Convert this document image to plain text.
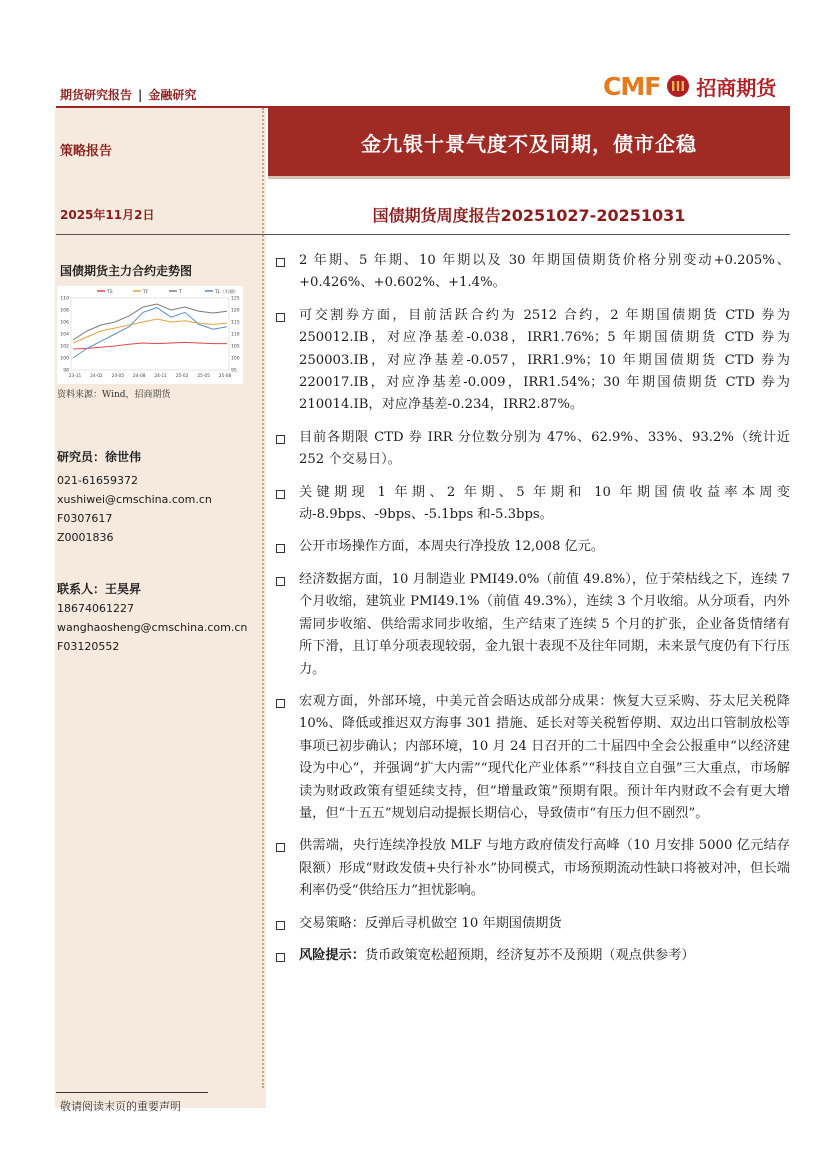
期货研究报告 | 金融研究	CMF 招商期货
策略报告	金九银十景气度不及同期，债市企稳
2025年11月2日	国债期货周度报告20251027-20251031
国债期货主力合约走势图
TS	TF	T	TL（右轴）
110
108
106
104
102
100
98
125
120
115
110
105
100
95
23-11 24-02 24-05 24-08 24-11 25-02 25-05 25-08
资料来源：Wind，招商期货
研究员：徐世伟
021-61659372
xushiwei@cmschina.com.cn
F0307617
Z0001836
联系人：王昊昇
18674061227
wanghaosheng@cmschina.com.cn
F03120552
2 年期、5 年期、10 年期以及 30 年期国债期货价格分别变动+0.205%、+0.426%、+0.602%、+1.4%。
可交割券方面，目前活跃合约为 2512 合约，2 年期国债期货 CTD 券为 250012.IB，对应净基差-0.038，IRR1.76%；5 年期国债期货 CTD 券为 250003.IB，对应净基差-0.057，IRR1.9%；10 年期国债期货 CTD 券为 220017.IB，对应净基差-0.009，IRR1.54%；30 年期国债期货 CTD 券为 210014.IB，对应净基差-0.234，IRR2.87%。
目前各期限 CTD 券 IRR 分位数分别为 47%、62.9%、33%、93.2%（统计近 252 个交易日）。
关键期现 1 年期、2 年期、5 年期和 10 年期国债收益率本周变动-8.9bps、-9bps、-5.1bps 和-5.3bps。
公开市场操作方面，本周央行净投放 12,008 亿元。
经济数据方面，10 月制造业 PMI49.0%（前值 49.8%），位于荣枯线之下，连续 7 个月收缩，建筑业 PMI49.1%（前值 49.3%），连续 3 个月收缩。从分项看，内外需同步收缩、供给需求同步收缩，生产结束了连续 5 个月的扩张，企业备货情绪有所下滑，且订单分项表现较弱，金九银十表现不及往年同期，未来景气度仍有下行压力。
宏观方面，外部环境，中美元首会晤达成部分成果：恢复大豆采购、芬太尼关税降 10%、降低或推迟双方海事 301 措施、延长对等关税暂停期、双边出口管制放松等事项已初步确认；内部环境，10 月 24 日召开的二十届四中全会公报重申“以经济建设为中心”，并强调“扩大内需”“现代化产业体系”“科技自立自强”三大重点，市场解读为财政政策有望延续支持，但“增量政策”预期有限。预计年内财政不会有更大增量，但“十五五”规划启动提振长期信心，导致债市“有压力但不剧烈”。
供需端，央行连续净投放 MLF 与地方政府债发行高峰（10 月安排 5000 亿元结存限额）形成“财政发债+央行补水”协同模式，市场预期流动性缺口将被对冲，但长端利率仍受“供给压力”担忧影响。
交易策略：反弹后寻机做空 10 年期国债期货
风险提示：货币政策宽松超预期，经济复苏不及预期（观点供参考）
敬请阅读末页的重要声明
